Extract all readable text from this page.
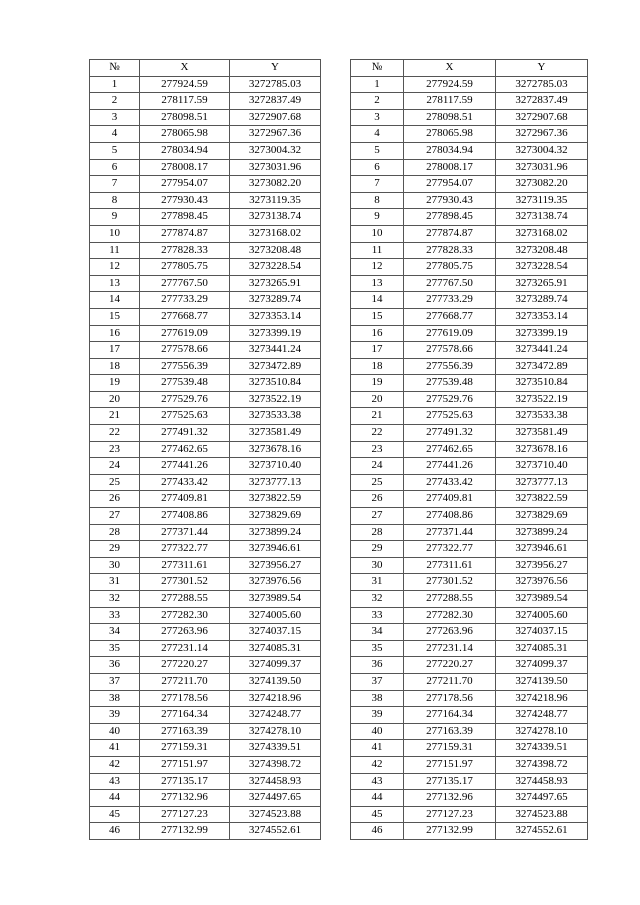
№	X	Y
1	277924.59	3272785.03
2	278117.59	3272837.49
3	278098.51	3272907.68
4	278065.98	3272967.36
5	278034.94	3273004.32
6	278008.17	3273031.96
7	277954.07	3273082.20
8	277930.43	3273119.35
9	277898.45	3273138.74
10	277874.87	3273168.02
11	277828.33	3273208.48
12	277805.75	3273228.54
13	277767.50	3273265.91
14	277733.29	3273289.74
15	277668.77	3273353.14
16	277619.09	3273399.19
17	277578.66	3273441.24
18	277556.39	3273472.89
19	277539.48	3273510.84
20	277529.76	3273522.19
21	277525.63	3273533.38
22	277491.32	3273581.49
23	277462.65	3273678.16
24	277441.26	3273710.40
25	277433.42	3273777.13
26	277409.81	3273822.59
27	277408.86	3273829.69
28	277371.44	3273899.24
29	277322.77	3273946.61
30	277311.61	3273956.27
31	277301.52	3273976.56
32	277288.55	3273989.54
33	277282.30	3274005.60
34	277263.96	3274037.15
35	277231.14	3274085.31
36	277220.27	3274099.37
37	277211.70	3274139.50
38	277178.56	3274218.96
39	277164.34	3274248.77
40	277163.39	3274278.10
41	277159.31	3274339.51
42	277151.97	3274398.72
43	277135.17	3274458.93
44	277132.96	3274497.65
45	277127.23	3274523.88
46	277132.99	3274552.61
№	X	Y
1	277924.59	3272785.03
2	278117.59	3272837.49
3	278098.51	3272907.68
4	278065.98	3272967.36
5	278034.94	3273004.32
6	278008.17	3273031.96
7	277954.07	3273082.20
8	277930.43	3273119.35
9	277898.45	3273138.74
10	277874.87	3273168.02
11	277828.33	3273208.48
12	277805.75	3273228.54
13	277767.50	3273265.91
14	277733.29	3273289.74
15	277668.77	3273353.14
16	277619.09	3273399.19
17	277578.66	3273441.24
18	277556.39	3273472.89
19	277539.48	3273510.84
20	277529.76	3273522.19
21	277525.63	3273533.38
22	277491.32	3273581.49
23	277462.65	3273678.16
24	277441.26	3273710.40
25	277433.42	3273777.13
26	277409.81	3273822.59
27	277408.86	3273829.69
28	277371.44	3273899.24
29	277322.77	3273946.61
30	277311.61	3273956.27
31	277301.52	3273976.56
32	277288.55	3273989.54
33	277282.30	3274005.60
34	277263.96	3274037.15
35	277231.14	3274085.31
36	277220.27	3274099.37
37	277211.70	3274139.50
38	277178.56	3274218.96
39	277164.34	3274248.77
40	277163.39	3274278.10
41	277159.31	3274339.51
42	277151.97	3274398.72
43	277135.17	3274458.93
44	277132.96	3274497.65
45	277127.23	3274523.88
46	277132.99	3274552.61
